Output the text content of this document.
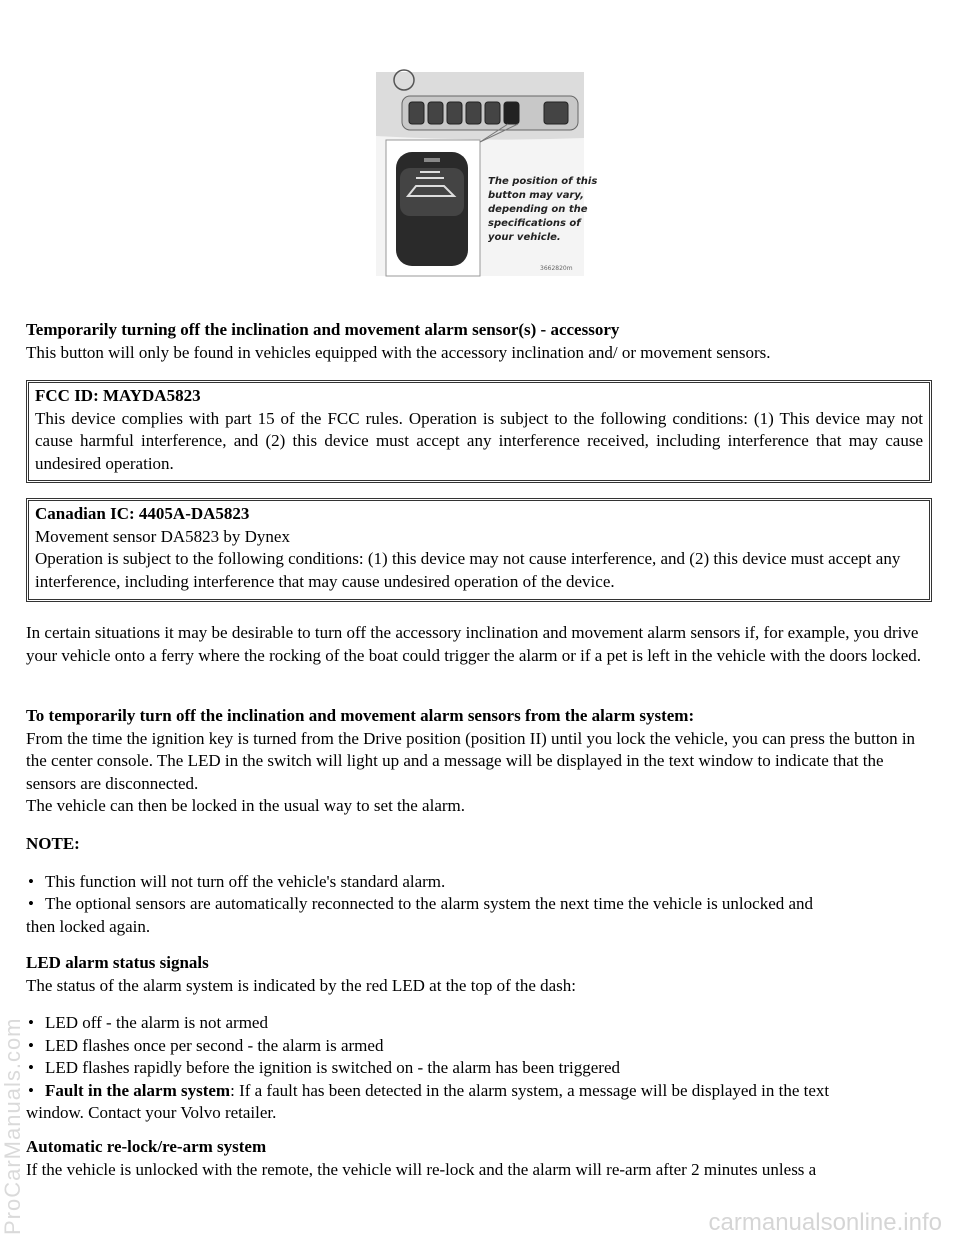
The position of this button may vary, depending on the specifications of your vehicle.
3662820m

Temporarily turning off the inclination and movement alarm sensor(s) - accessory

This button will only be found in vehicles equipped with the accessory inclination and/ or movement sensors.

FCC ID: MAYDA5823

This device complies with part 15 of the FCC rules. Operation is subject to the following conditions: (1) This device may not cause harmful interference, and (2) this device must accept any interference received, including interference that may cause undesired operation.

Canadian IC: 4405A-DA5823

Movement sensor DA5823 by Dynex

Operation is subject to the following conditions: (1) this device may not cause interference, and (2) this device must accept any interference, including interference that may cause undesired operation of the device.

In certain situations it may be desirable to turn off the accessory inclination and movement alarm sensors if, for example, you drive your vehicle onto a ferry where the rocking of the boat could trigger the alarm or if a pet is left in the vehicle with the doors locked.

To temporarily turn off the inclination and movement alarm sensors from the alarm system:

From the time the ignition key is turned from the Drive position (position II) until you lock the vehicle, you can press the button in the center console. The LED in the switch will light up and a message will be displayed in the text window to indicate that the sensors are disconnected.

The vehicle can then be locked in the usual way to set the alarm.

NOTE:

• This function will not turn off the vehicle's standard alarm.
• The optional sensors are automatically reconnected to the alarm system the next time the vehicle is unlocked and

then locked again.

LED alarm status signals

The status of the alarm system is indicated by the red LED at the top of the dash:

• LED off - the alarm is not armed
• LED flashes once per second - the alarm is armed
• LED flashes rapidly before the ignition is switched on - the alarm has been triggered
• Fault in the alarm system: If a fault has been detected in the alarm system, a message will be displayed in the text

window. Contact your Volvo retailer.

Automatic re-lock/re-arm system

If the vehicle is unlocked with the remote, the vehicle will re-lock and the alarm will re-arm after 2 minutes unless a

ProCarManuals.com	carmanualsonline.info
